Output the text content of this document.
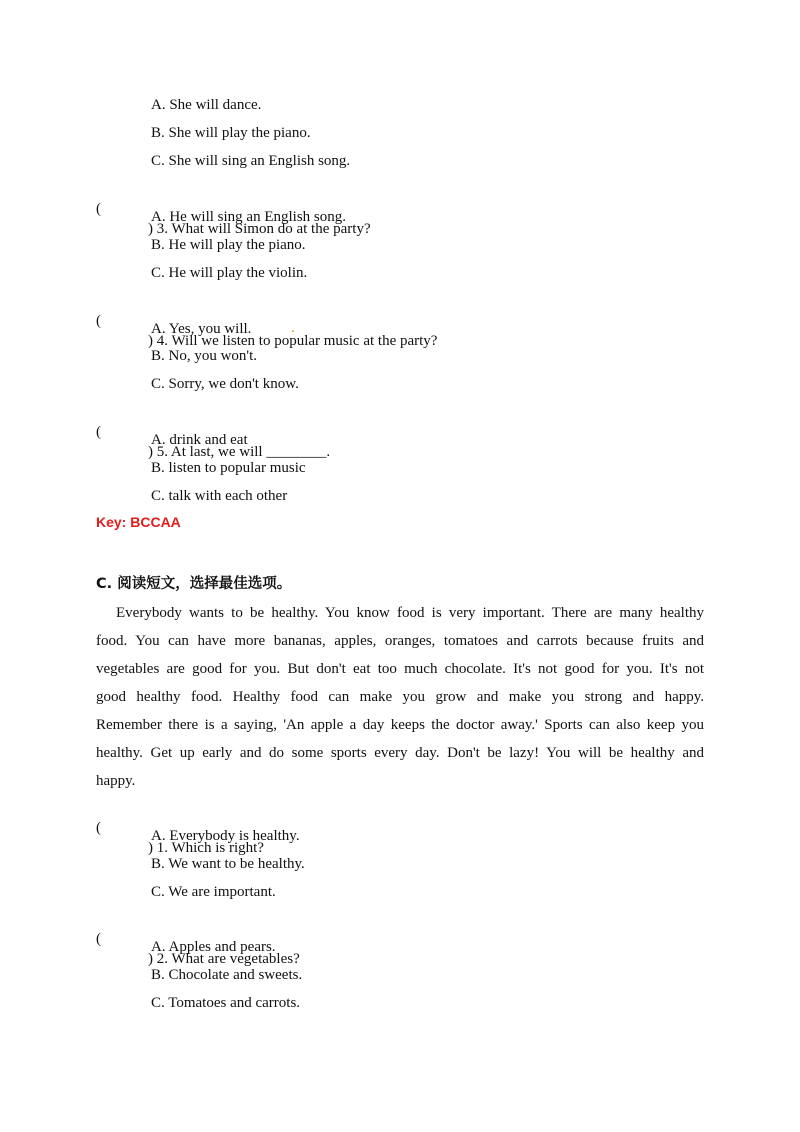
A. She will dance.
B. She will play the piano.
C. She will sing an English song.

(

) 3. What will Simon do at the party?

A. He will sing an English song.
B. He will play the piano.
C. He will play the violin.

(

) 4. Will we listen to popular music at the party?

A. Yes, you will.
B. No, you won't.
C. Sorry, we don't know.

(

) 5. At last, we will ________.

A. drink and eat
B. listen to popular music
C. talk with each other
Key: BCCAA
C. 阅读短文，选择最佳选项。
Everybody wants to be healthy. You know food is very important. There are many healthy
food. You can have more bananas, apples, oranges, tomatoes and carrots because fruits and
vegetables are good for you. But don't eat too much chocolate. It's not good for you. It's not
good healthy food. Healthy food can make you grow and make you strong and happy.
Remember there is a saying, 'An apple a day keeps the doctor away.' Sports can also keep you
healthy. Get up early and do some sports every day. Don't be lazy! You will be healthy and
happy.

(

) 1. Which is right?

A. Everybody is healthy.
B. We want to be healthy.
C. We are important.

(

) 2. What are vegetables?

A. Apples and pears.
B. Chocolate and sweets.
C. Tomatoes and carrots.
